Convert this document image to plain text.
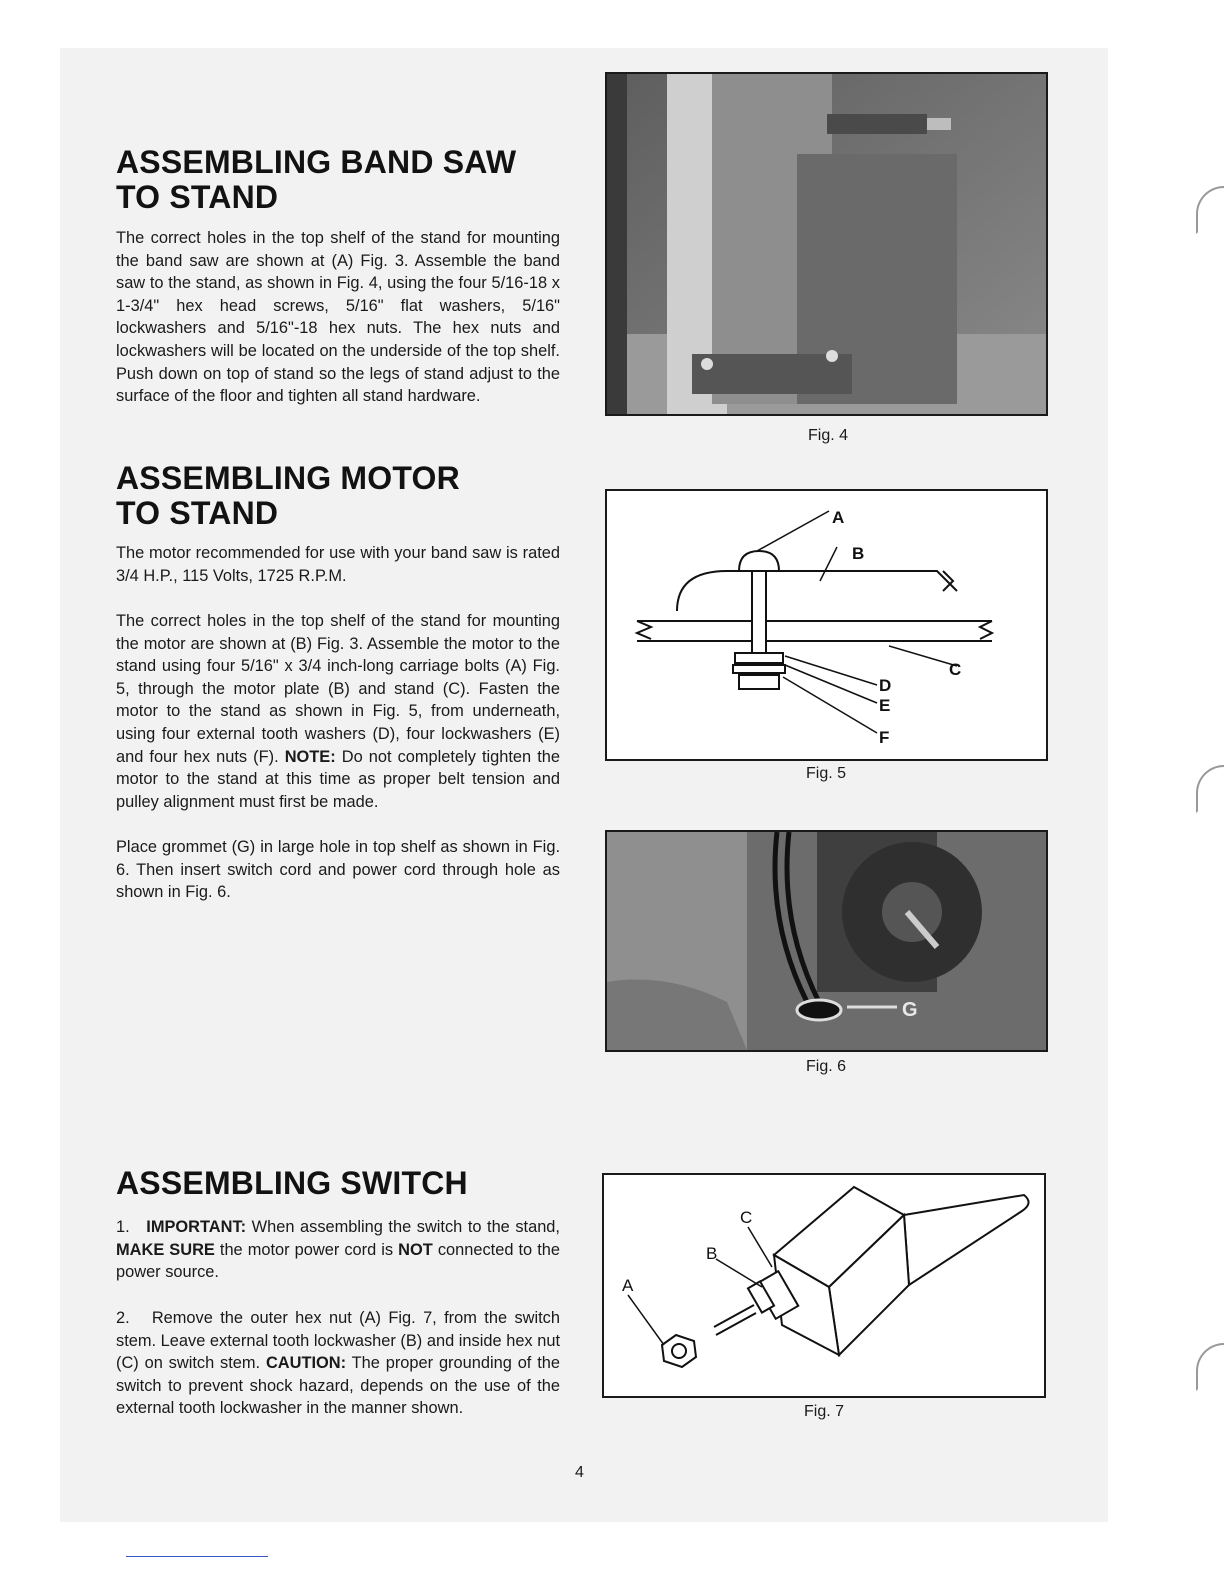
ASSEMBLING BAND SAW
TO STAND

The correct holes in the top shelf of the stand for mounting the band saw are shown at (A) Fig. 3. Assemble the band saw to the stand, as shown in Fig. 4, using the four 5/16-18 x 1-3/4" hex head screws, 5/16" flat washers, 5/16" lockwashers and 5/16"-18 hex nuts. The hex nuts and lockwashers will be located on the underside of the top shelf. Push down on top of stand so the legs of stand adjust to the surface of the floor and tighten all stand hardware.

ASSEMBLING MOTOR
TO STAND

The motor recommended for use with your band saw is rated 3/4 H.P., 115 Volts, 1725 R.P.M.

The correct holes in the top shelf of the stand for mounting the motor are shown at (B) Fig. 3. Assemble the motor to the stand using four 5/16" x 3/4 inch-long carriage bolts (A) Fig. 5, through the motor plate (B) and stand (C). Fasten the motor to the stand as shown in Fig. 5, from underneath, using four external tooth washers (D), four lockwashers (E) and four hex nuts (F). NOTE: Do not completely tighten the motor to the stand at this time as proper belt tension and pulley alignment must first be made.

Place grommet (G) in large hole in top shelf as shown in Fig. 6. Then insert switch cord and power cord through hole as shown in Fig. 6.

ASSEMBLING SWITCH

1. IMPORTANT: When assembling the switch to the stand, MAKE SURE the motor power cord is NOT connected to the power source.

2. Remove the outer hex nut (A) Fig. 7, from the switch stem. Leave external tooth lockwasher (B) and inside hex nut (C) on switch stem. CAUTION: The proper grounding of the switch to prevent shock hazard, depends on the use of the external tooth lockwasher in the manner shown.

Fig. 4
A
B
C
D
E
F
Fig. 5
G
Fig. 6
A
B
C
Fig. 7
4
